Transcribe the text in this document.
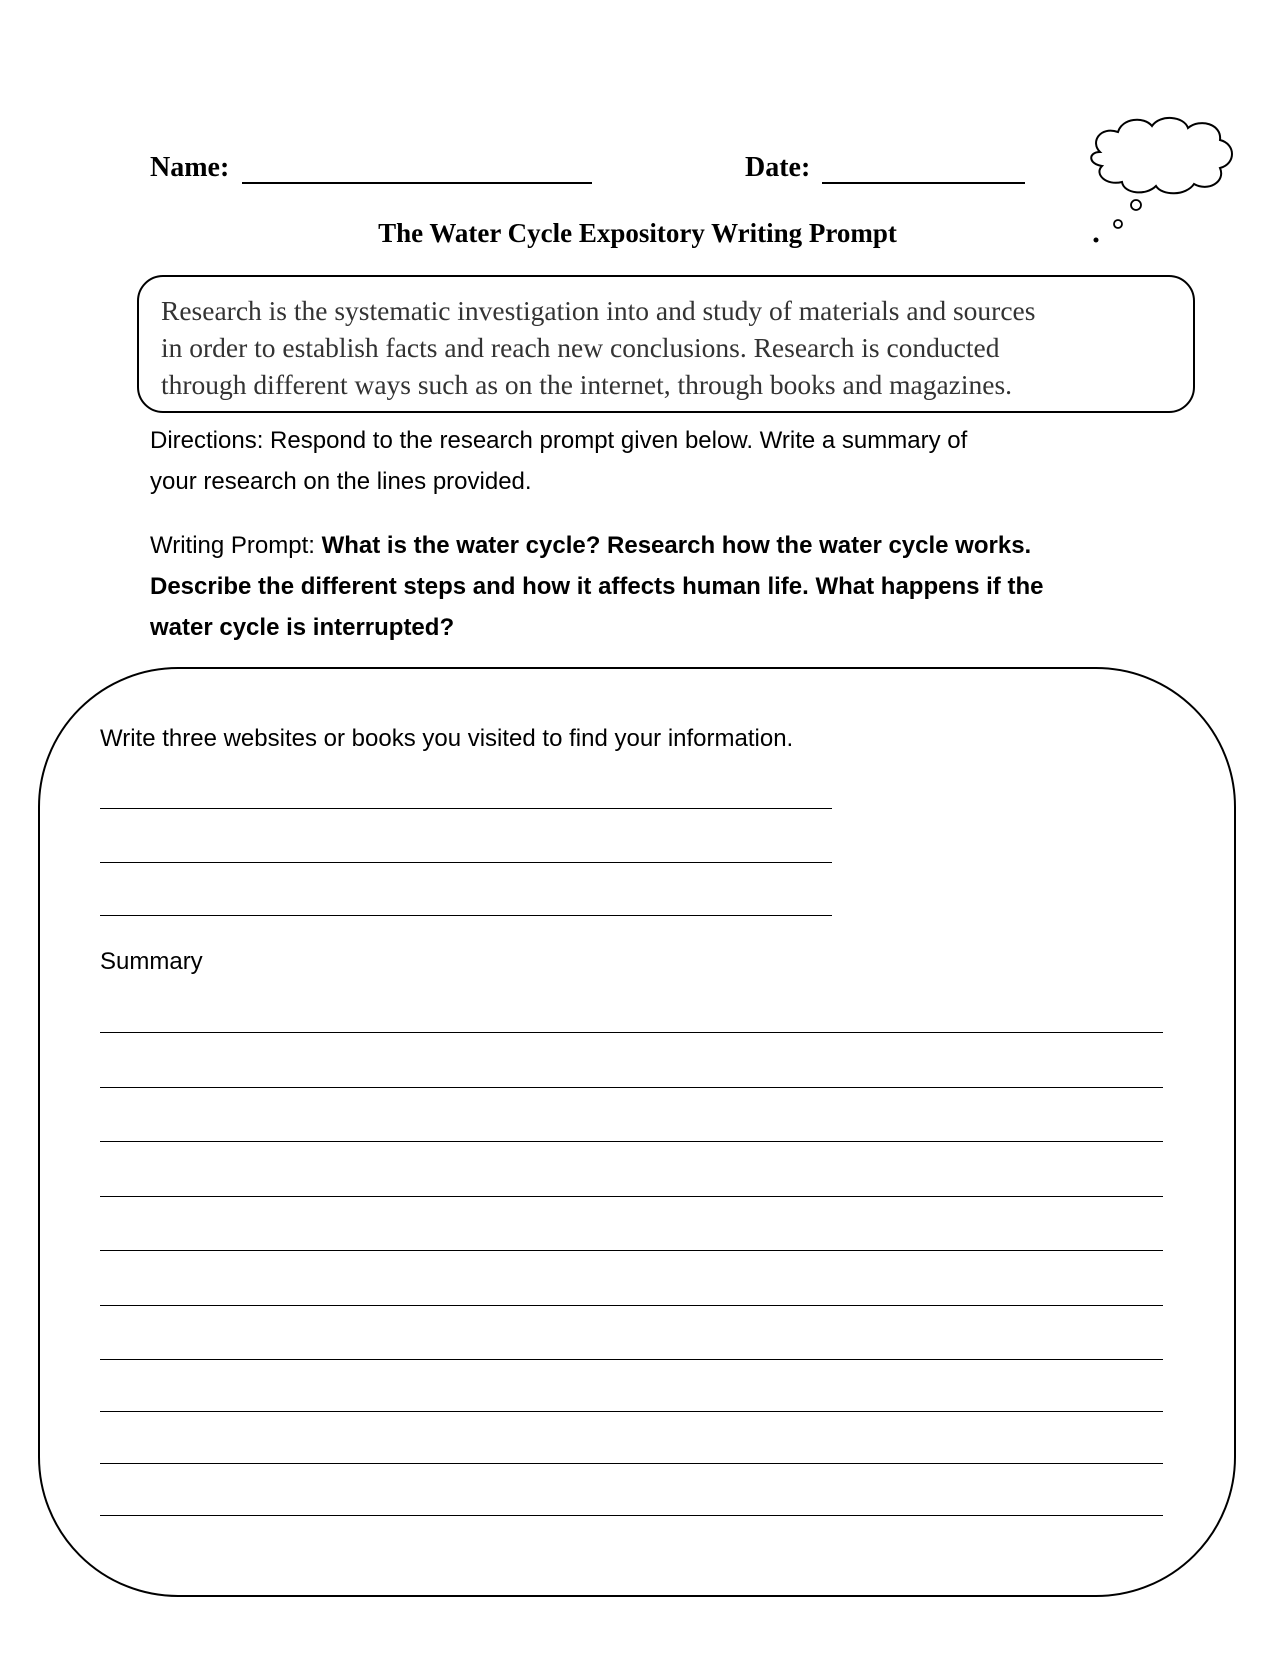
Name:	Date:
The Water Cycle Expository Writing Prompt
Research is the systematic investigation into and study of materials and sources
in order to establish facts and reach new conclusions. Research is conducted
through different ways such as on the internet, through books and magazines.
Directions: Respond to the research prompt given below. Write a summary of
your research on the lines provided.
Writing Prompt: What is the water cycle? Research how the water cycle works.
Describe the different steps and how it affects human life. What happens if the
water cycle is interrupted?
Write three websites or books you visited to find your information.
Summary
